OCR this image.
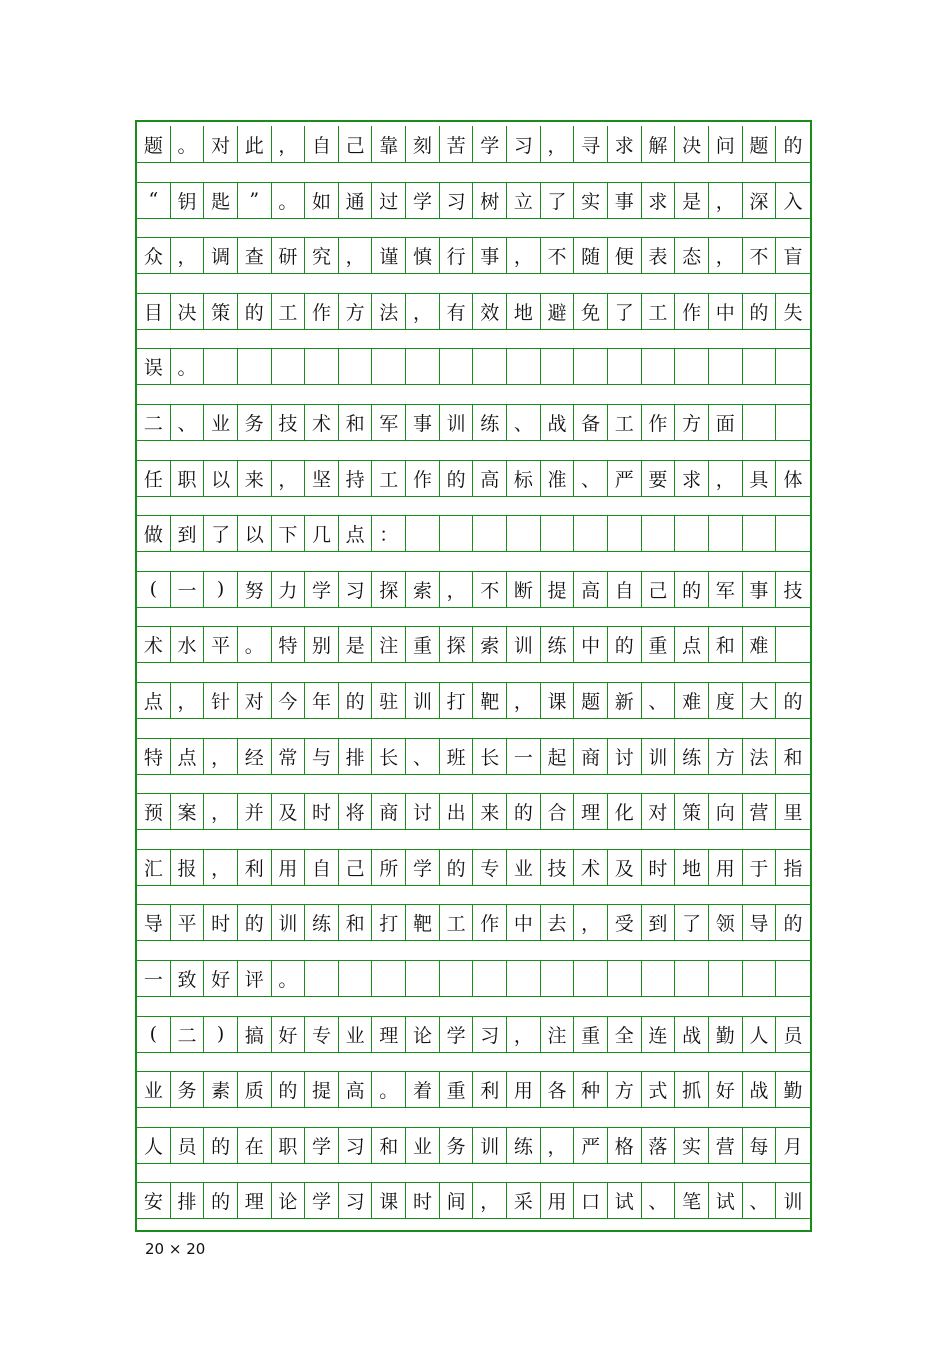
题 。 对 此 ， 自 己 靠 刻 苦 学 习 ， 寻 求 解 决 问 题 的
“	钥 匙	”	。 如 通 过 学 习 树 立 了 实 事 求 是 ， 深 入
众 ， 调 查 研 究 ， 谨 慎 行 事 ， 不 随 便 表 态 ， 不 盲
目 决 策 的 工 作 方 法 ， 有 效 地 避 免 了 工 作 中 的 失
误 。
二 、 业 务 技 术 和 军 事 训 练 、 战 备 工 作 方 面
任 职 以 来 ， 坚 持 工 作 的 高 标 准 、 严 要 求 ， 具 体
做 到 了 以 下 几 点 ：
(	一	)	努 力 学 习 探 索 ， 不 断 提 高 自 己 的 军 事 技
术 水 平 。 特 别 是 注 重 探 索 训 练 中 的 重 点 和 难
点 ， 针 对 今 年 的 驻 训 打 靶 ， 课 题 新 、 难 度 大 的
特 点 ， 经 常 与 排 长 、 班 长 一 起 商 讨 训 练 方 法 和
预 案 ， 并 及 时 将 商 讨 出 来 的 合 理 化 对 策 向 营 里
汇 报 ， 利 用 自 己 所 学 的 专 业 技 术 及 时 地 用 于 指
导 平 时 的 训 练 和 打 靶 工 作 中 去 ， 受 到 了 领 导 的
一 致 好 评 。
(	二	)	搞 好 专 业 理 论 学 习 ， 注 重 全 连 战 勤 人 员
业 务 素 质 的 提 高 。 着 重 利 用 各 种 方 式 抓 好 战 勤
人 员 的 在 职 学 习 和 业 务 训 练 ， 严 格 落 实 营 每 月
安 排 的 理 论 学 习 课 时 间 ， 采 用 口 试 、 笔 试 、 训
20 × 20
